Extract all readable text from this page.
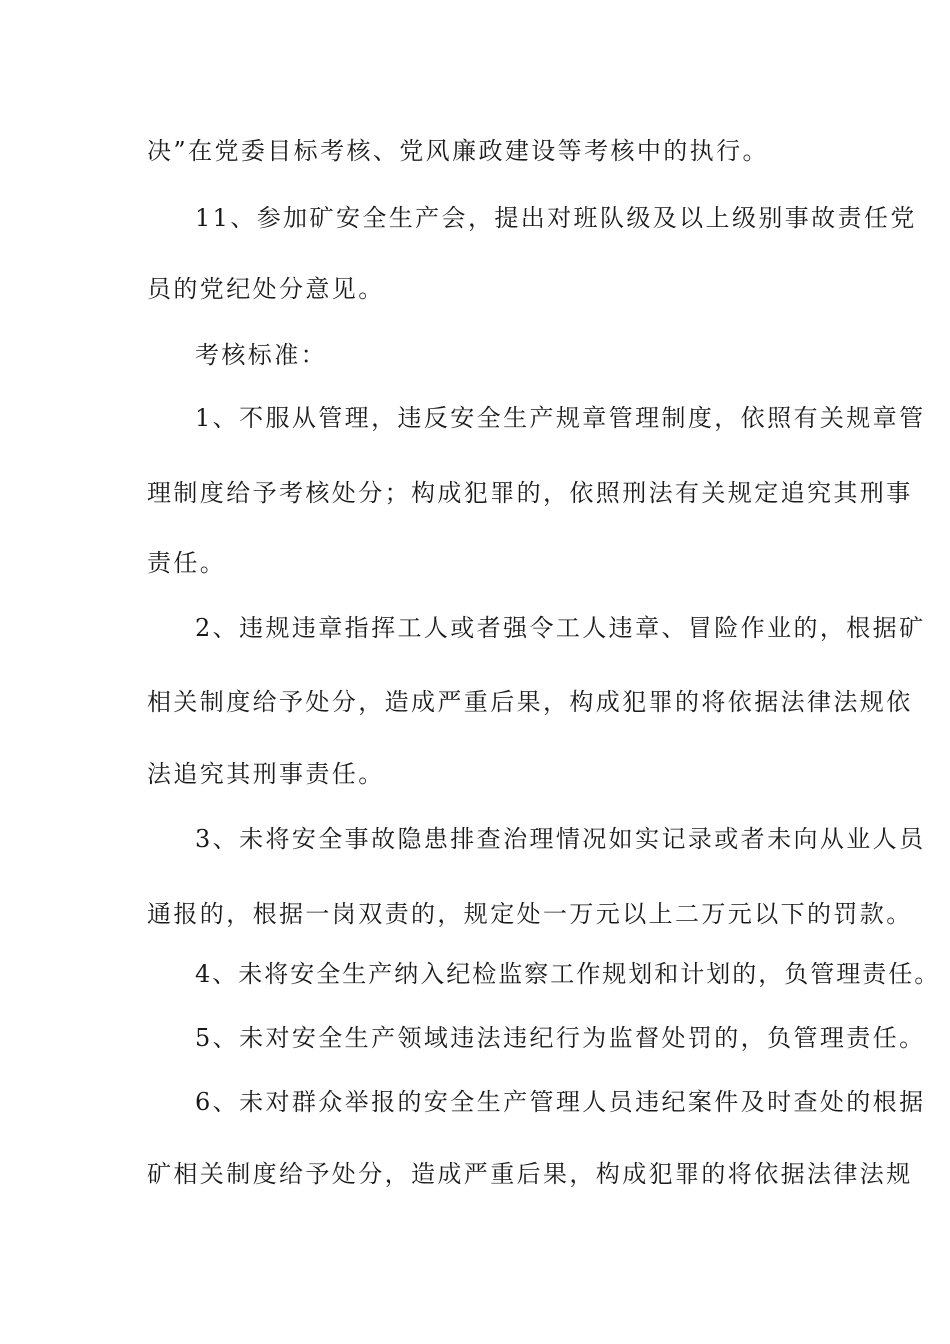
决”在党委目标考核、党风廉政建设等考核中的执行。
11、参加矿安全生产会，提出对班队级及以上级别事故责任党
员的党纪处分意见。
考核标准：
1、不服从管理，违反安全生产规章管理制度，依照有关规章管
理制度给予考核处分；构成犯罪的，依照刑法有关规定追究其刑事
责任。
2、违规违章指挥工人或者强令工人违章、冒险作业的，根据矿
相关制度给予处分，造成严重后果，构成犯罪的将依据法律法规依
法追究其刑事责任。
3、未将安全事故隐患排查治理情况如实记录或者未向从业人员
通报的，根据一岗双责的，规定处一万元以上二万元以下的罚款。
4、未将安全生产纳入纪检监察工作规划和计划的，负管理责任。
5、未对安全生产领域违法违纪行为监督处罚的，负管理责任。
6、未对群众举报的安全生产管理人员违纪案件及时查处的根据
矿相关制度给予处分，造成严重后果，构成犯罪的将依据法律法规
